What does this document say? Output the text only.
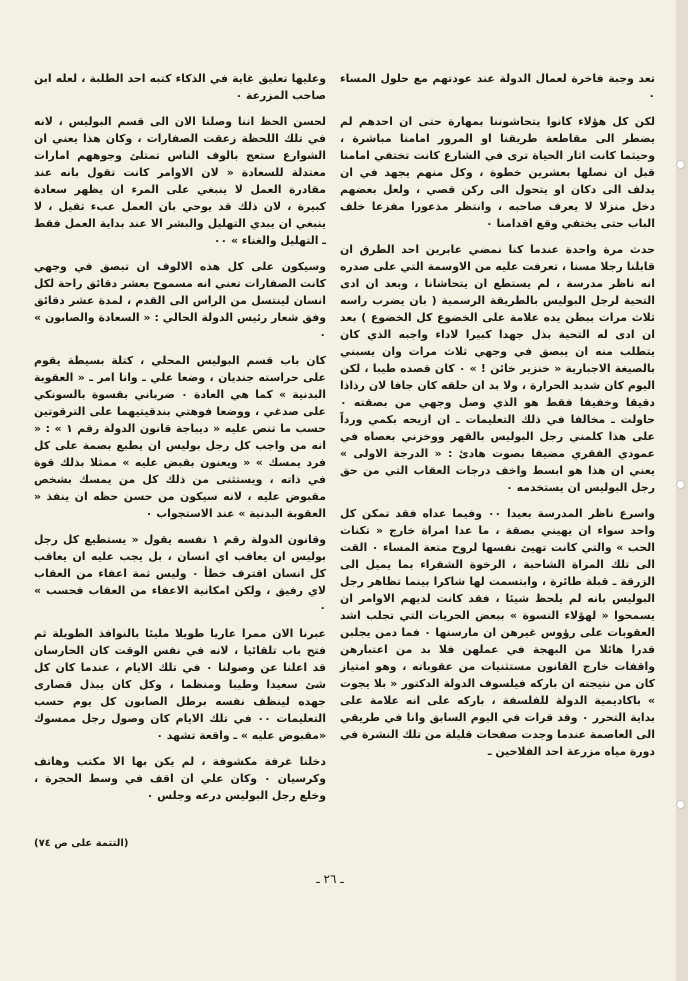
تعد وجبة فاخرة لعمال الدولة عند عودتهم مع حلول المساء ٠

لكن كل هؤلاء كانوا يتحاشوننا بمهارة حتى ان احدهم لم يضطر الى مقاطعة طريقنا او المرور امامنا مباشرة ، وحيثما كانت اثار الحياة ترى في الشارع كانت تختفي امامنا قبل ان نصلها بعشرين خطوة ، وكل منهم يجهد في ان يدلف الى دكان او يتحول الى ركن قصي ، ولعل بعضهم دخل منزلا لا يعرف صاحبه ، وانتظر مذعورا مفزعا خلف الباب حتى يختفي وقع اقدامنا ٠

حدث مرة واحدة عندما كنا نمضي عابرين احد الطرق ان قابلنا رجلا مسنا ، تعرفت عليه من الاوسمة التي على صدره انه ناظر مدرسة ، لم يستطع ان يتحاشانا ، وبعد ان ادى التحية لرجل البوليس بالطريقة الرسمية ( بان يضرب راسه ثلاث مرات ببطن يده علامة على الخضوع كل الخضوع ) بعد ان ادى له التحية بذل جهدا كبيرا لاداء واجبه الذي كان يتطلب منه ان يبصق في وجهي ثلاث مرات وان يسبني بالصيغة الاجبارية « خنزير خائن ! » ٠ كان قصده طيبا ، لكن اليوم كان شديد الحرارة ، ولا بد ان حلقه كان جافا لان رذاذا دقيقا وخفيفا فقط هو الذي وصل وجهي من بصقته ٠ حاولت ـ مخالفا في ذلك التعليمات ـ ان ازيحه بكمي ورداً على هذا كلمني رجل البوليس بالقهر ووخزني بعصاه في عمودي الفقري مضيفا بصوت هادئ : « الدرجة الاولى » يعني ان هذا هو ابسط واخف درجات العقاب التي من حق رجل البوليس ان يستخدمه ٠

واسرع ناظر المدرسة بعيدا ٠٠ وفيما عداه فقد تمكن كل واحد سواء ان يهيني بصقة ، ما عدا امراة خارج « تكنات الحب » والتي كانت تهيئ نفسها لروح متعة المساء ٠ القت الى تلك المراة الشاحبة ، الرخوة الشقراء بما يميل الى الزرقة ـ قبلة طائرة ، وابتسمت لها شاكرا بينما تظاهر رجل البوليس بانه لم يلحظ شيئا ، فقد كانت لديهم الاوامر ان يسمحوا « لهؤلاء النسوة » ببعض الحريات التي تجلب اشد العقوبات على رؤوس غيرهن ان مارسنها ٠ فما دمن يجلبن قدرا هائلا من البهجة في عملهن فلا بد من اعتبارهن واقفات خارج القانون مستثنيات من عقوباته ، وهو امتياز كان من نتيجته ان باركه فيلسوف الدولة الدكتور « بلا يجوت » باكاديمية الدولة للفلسفة ، باركه على انه علامة على بداية التحرر ٠ وقد قرات في اليوم السابق وانا في طريقي الى العاصمة عندما وجدت صفحات قليلة من تلك النشرة في دورة مياه مزرعة احد الفلاحين ـ

وعليها تعليق غاية في الذكاء كتبه احد الطلبة ، لعله ابن صاحب المزرعة ٠

لحسن الحظ اننا وصلنا الان الى قسم البوليس ، لانه في تلك اللحظة زعقت الصفارات ، وكان هذا يعني ان الشوارع ستعج بالوف الناس تمتلئ وجوههم امارات معتدلة للسعادة « لان الاوامر كانت تقول بانه عند مقادرة العمل لا ينبغي على المرء ان يظهر سعادة كبيرة ، لان ذلك قد يوحي بان العمل عبء ثقيل ، لا ينبغي ان يبدي التهليل والبشر الا عند بداية العمل فقط ـ التهليل والغناء » ٠٠

وسيكون على كل هذه الالوف ان تبصق في وجهي كانت الصفارات تعني انه مسموح بعشر دقائق راحة لكل انسان لينتسل من الراس الى القدم ، لمدة عشر دقائق وفق شعار رئيس الدولة الحالي : « السعادة والصابون » ٠

كان باب قسم البوليس المحلي ، كتلة بسيطة يقوم على حراسته جنديان ، وضعا علي ـ وانا امر ـ « العقوبة البدنية » كما هي العادة ٠ ضرباني بقسوة بالسونكي على صدغي ، ووضعا فوهتي بندقيتيهما على الترقوتين حسب ما تنص عليه « ديباجة قانون الدولة رقم ١ » : « انه من واجب كل رجل بوليس ان يطبع بصمة على كل فرد يمسك » « ويعنون بقبض عليه » ممثلا بذلك قوة في ذاته ، ويستثنى من ذلك كل من يمسك بشخص مقبوض عليه ، لانه سيكون من حسن حظه ان ينفذ « العقوبة البدنية » عند الاستجواب ٠

وقانون الدولة رقم ١ نفسه يقول « يستطيع كل رجل بوليس ان يعاقب اي انسان ، بل يجب عليه ان يعاقب كل انسان اقترف خطأ ٠ وليس ثمة اعفاء من العقاب لاي رفيق ، ولكن امكانية الاعفاء من العقاب فحسب » ٠

عبرنا الان ممرا عاريا طويلا مليئا بالنوافذ الطويلة ثم فتح باب تلقائيا ، لانه في نفس الوقت كان الحارسان قد اعلنا عن وصولنا ٠ في تلك الايام ، عندما كان كل شئ سعيدا وطيبا ومنظما ، وكل كان يبذل قصارى جهده لينظف نفسه برطل الصابون كل يوم حسب التعليمات ٠٠ في تلك الايام كان وصول رجل ممسوك «مقبوض عليه » ـ واقعة تشهد ٠

دخلنا غرفة مكشوفة ، لم يكن بها الا مكتب وهاتف وكرسيان ٠ وكان علي ان اقف في وسط الحجرة ، وخلع رجل البوليس درعه وجلس ٠

(التتمة على ص ٧٤)
ـ ٢٦ ـ
